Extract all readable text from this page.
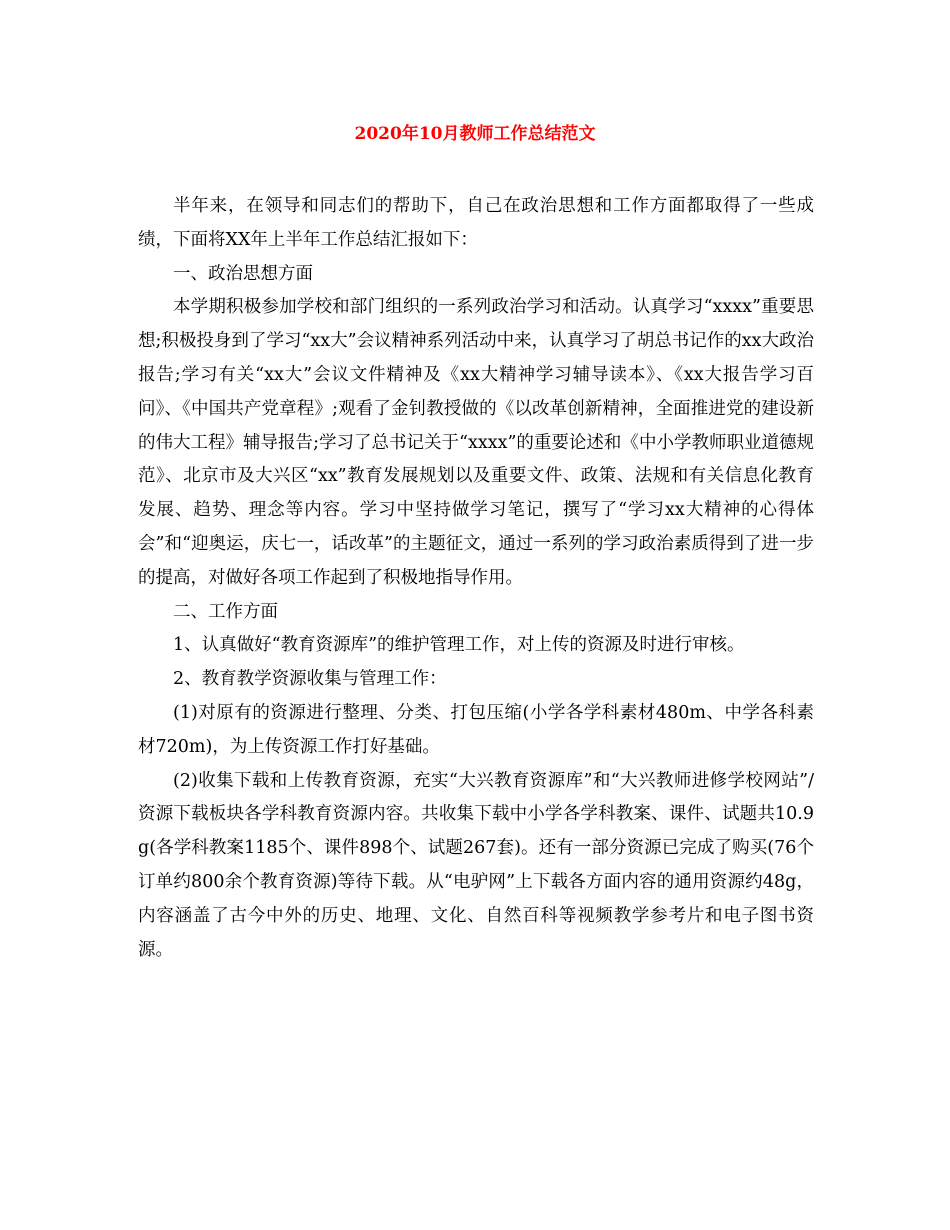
2020年10月教师工作总结范文

半年来，在领导和同志们的帮助下，自己在政治思想和工作方面都取得了一些成绩，下面将XX年上半年工作总结汇报如下：

一、政治思想方面

本学期积极参加学校和部门组织的一系列政治学习和活动。认真学习“xxxx”重要思想;积极投身到了学习“xx大”会议精神系列活动中来，认真学习了胡总书记作的xx大政治报告;学习有关“xx大”会议文件精神及《xx大精神学习辅导读本》、《xx大报告学习百问》、《中国共产党章程》;观看了金钊教授做的《以改革创新精神，全面推进党的建设新的伟大工程》辅导报告;学习了总书记关于“xxxx”的重要论述和《中小学教师职业道德规范》、北京市及大兴区“xx”教育发展规划以及重要文件、政策、法规和有关信息化教育发展、趋势、理念等内容。学习中坚持做学习笔记，撰写了“学习xx大精神的心得体会”和“迎奥运，庆七一，话改革”的主题征文，通过一系列的学习政治素质得到了进一步的提高，对做好各项工作起到了积极地指导作用。

二、工作方面

1、认真做好“教育资源库”的维护管理工作，对上传的资源及时进行审核。

2、教育教学资源收集与管理工作：

(1)对原有的资源进行整理、分类、打包压缩(小学各学科素材480m、中学各科素材720m)，为上传资源工作打好基础。

(2)收集下载和上传教育资源，充实“大兴教育资源库”和“大兴教师进修学校网站”/资源下载板块各学科教育资源内容。共收集下载中小学各学科教案、课件、试题共10.9g(各学科教案1185个、课件898个、试题267套)。还有一部分资源已完成了购买(76个订单约800余个教育资源)等待下载。从“电驴网”上下载各方面内容的通用资源约48g，内容涵盖了古今中外的历史、地理、文化、自然百科等视频教学参考片和电子图书资源。
